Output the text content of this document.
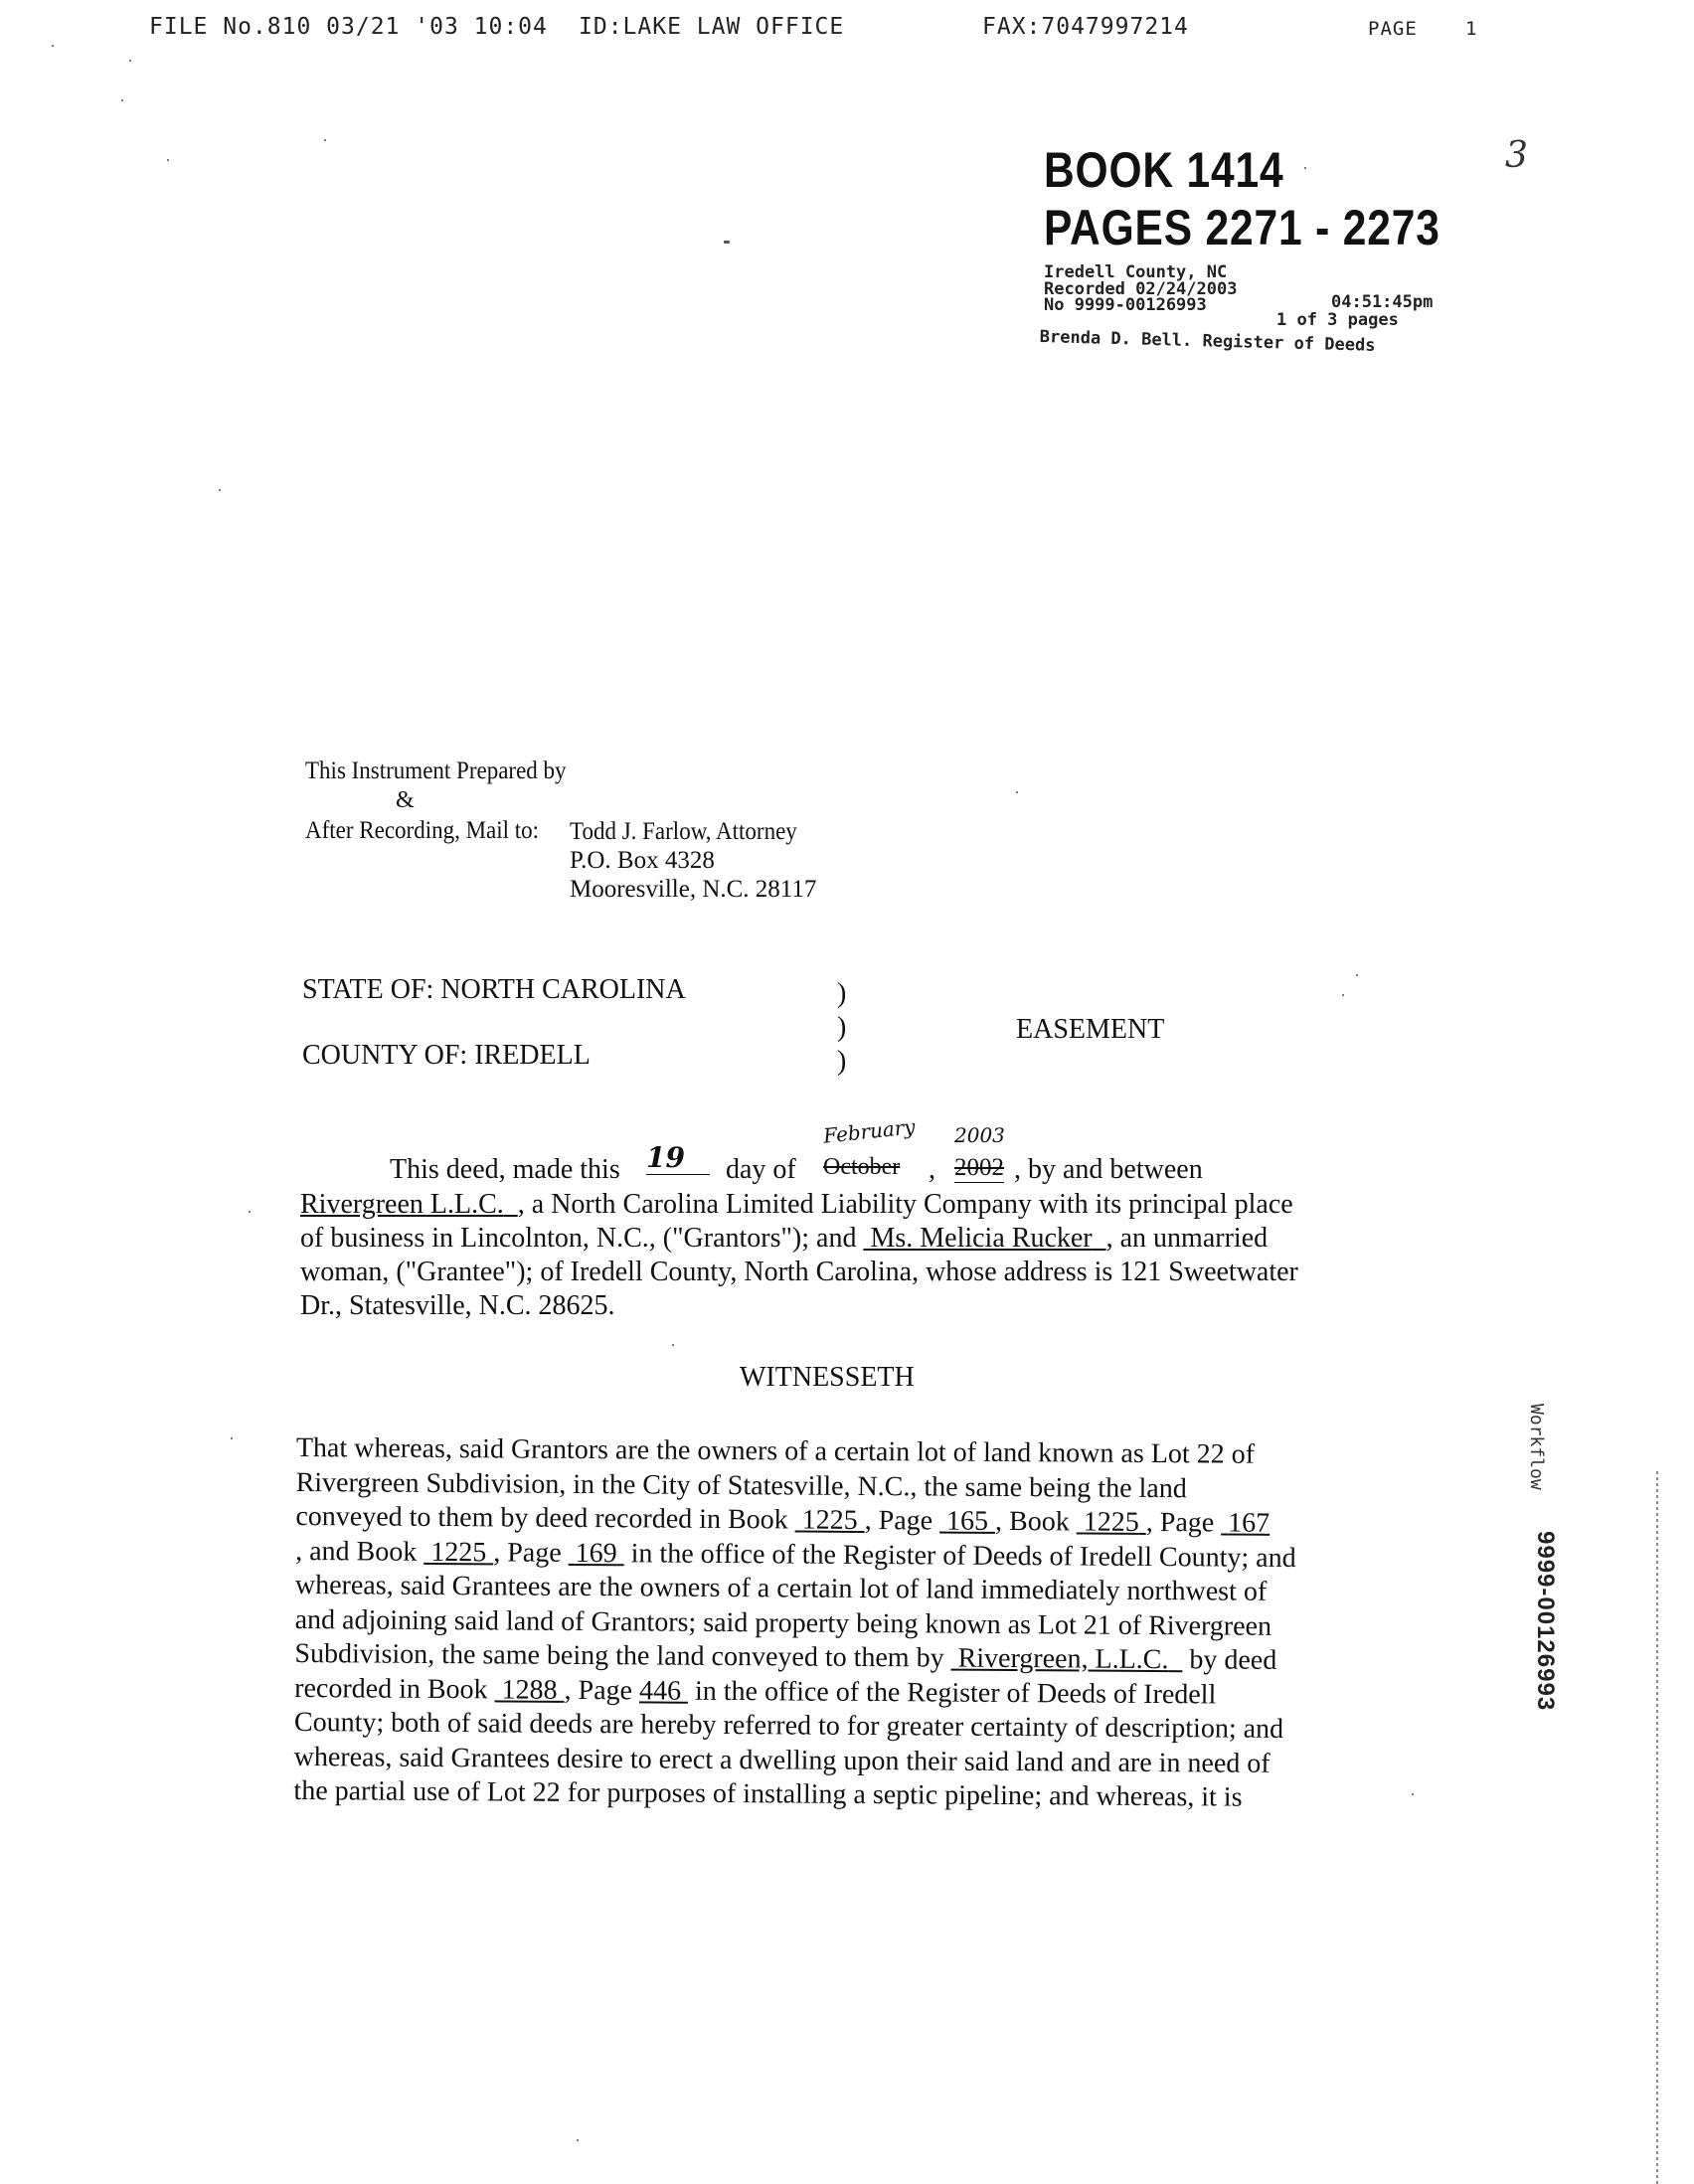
FILE No.810 03/21 '03 10:04 ID:LAKE LAW OFFICE	FAX:7047997214	PAGE	1
BOOK 1414
PAGES 2271 - 2273
Iredell County, NC
Recorded 02/24/2003
04:51:45pm
No 9999-00126993
1 of 3 pages
Brenda D. Bell. Register of Deeds
3
This Instrument Prepared by
&
After Recording, Mail to: Todd J. Farlow, Attorney
P.O. Box 4328
Mooresville, N.C. 28117
STATE OF: NORTH CAROLINA
COUNTY OF: IREDELL
)
)
)
EASEMENT
This deed, made this 19	day of October
February
, 2002
2003
, by and between
Rivergreen L.L.C. , a North Carolina Limited Liability Company with its principal place
of business in Lincolnton, N.C., ("Grantors"); and Ms. Melicia Rucker , an unmarried
woman, ("Grantee"); of Iredell County, North Carolina, whose address is 121 Sweetwater
Dr., Statesville, N.C. 28625.
WITNESSETH
That whereas, said Grantors are the owners of a certain lot of land known as Lot 22 of
Rivergreen Subdivision, in the City of Statesville, N.C., the same being the land
conveyed to them by deed recorded in Book 1225 , Page 165 , Book 1225 , Page 167
, and Book 1225 , Page 169 in the office of the Register of Deeds of Iredell County; and
whereas, said Grantees are the owners of a certain lot of land immediately northwest of
and adjoining said land of Grantors; said property being known as Lot 21 of Rivergreen
Subdivision, the same being the land conveyed to them by Rivergreen, L.L.C. by deed
recorded in Book 1288 , Page 446 in the office of the Register of Deeds of Iredell
County; both of said deeds are hereby referred to for greater certainty of description; and
whereas, said Grantees desire to erect a dwelling upon their said land and are in need of
the partial use of Lot 22 for purposes of installing a septic pipeline; and whereas, it is
Workflow
9999-00126993
